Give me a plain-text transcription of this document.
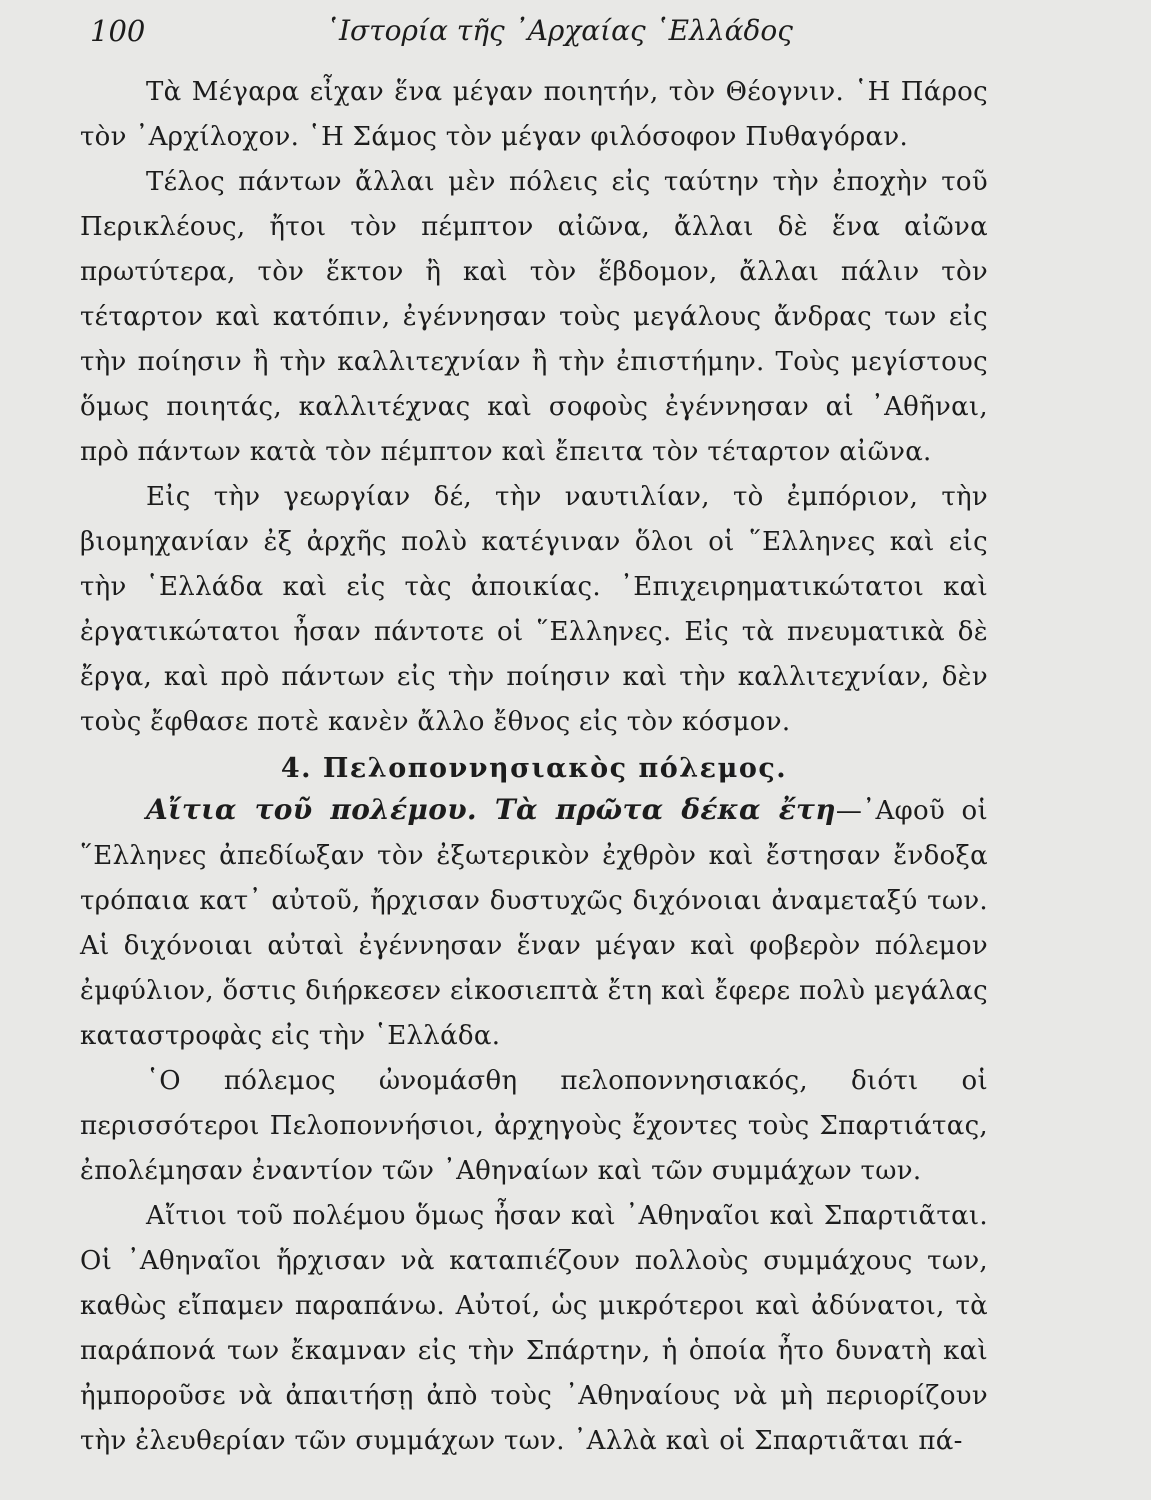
100	῾Ιστορία τῆς ᾿Αρχαίας ῾Ελλάδος

Τὰ Μέγαρα εἶχαν ἕνα μέγαν ποιητήν, τὸν Θέογνιν. ῾Η Πάρος τὸν ᾿Αρχίλοχον. ῾Η Σάμος τὸν μέγαν φιλόσοφον Πυθαγόραν.

Τέλος πάντων ἄλλαι μὲν πόλεις εἰς ταύτην τὴν ἐποχὴν τοῦ Περικλέους, ἤτοι τὸν πέμπτον αἰῶνα, ἄλλαι δὲ ἕνα αἰῶνα πρωτύτερα, τὸν ἕκτον ἢ καὶ τὸν ἕβδομον, ἄλλαι πάλιν τὸν τέταρτον καὶ κατόπιν, ἐγέννησαν τοὺς μεγάλους ἄνδρας των εἰς τὴν ποίησιν ἢ τὴν καλλιτεχνίαν ἢ τὴν ἐπιστήμην. Τοὺς μεγίστους ὅμως ποιητάς, καλλιτέχνας καὶ σοφοὺς ἐγέννησαν αἱ ᾿Αθῆναι, πρὸ πάντων κατὰ τὸν πέμπτον καὶ ἔπειτα τὸν τέταρτον αἰῶνα.

Εἰς τὴν γεωργίαν δέ, τὴν ναυτιλίαν, τὸ ἐμπόριον, τὴν βιομηχανίαν ἐξ ἀρχῆς πολὺ κατέγιναν ὅλοι οἱ ῞Ελληνες καὶ εἰς τὴν ῾Ελλάδα καὶ εἰς τὰς ἀποικίας. ᾿Επιχειρηματικώτατοι καὶ ἐργατικώτατοι ἦσαν πάντοτε οἱ ῞Ελληνες. Εἰς τὰ πνευματικὰ δὲ ἔργα, καὶ πρὸ πάντων εἰς τὴν ποίησιν καὶ τὴν καλλιτεχνίαν, δὲν τοὺς ἔφθασε ποτὲ κανὲν ἄλλο ἔθνος εἰς τὸν κόσμον.

4. Πελοποννησιακὸς πόλεμος.

Αἴτια τοῦ πολέμου. Τὰ πρῶτα δέκα ἔτη—᾿Αφοῦ οἱ ῞Ελληνες ἀπεδίωξαν τὸν ἐξωτερικὸν ἐχθρὸν καὶ ἔστησαν ἔνδοξα τρόπαια κατ᾿ αὐτοῦ, ἤρχισαν δυστυχῶς διχόνοιαι ἀναμεταξύ των. Αἱ διχόνοιαι αὐταὶ ἐγέννησαν ἕναν μέγαν καὶ φοβερὸν πόλεμον ἐμφύλιον, ὅστις διήρκεσεν εἰκοσιεπτὰ ἔτη καὶ ἔφερε πολὺ μεγάλας καταστροφὰς εἰς τὴν ῾Ελλάδα.

῾Ο πόλεμος ὠνομάσθη πελοποννησιακός, διότι οἱ περισσότεροι Πελοποννήσιοι, ἀρχηγοὺς ἔχοντες τοὺς Σπαρτιάτας, ἐπολέμησαν ἐναντίον τῶν ᾿Αθηναίων καὶ τῶν συμμάχων των.

Αἴτιοι τοῦ πολέμου ὅμως ἦσαν καὶ ᾿Αθηναῖοι καὶ Σπαρτιᾶται. Οἱ ᾿Αθηναῖοι ἤρχισαν νὰ καταπιέζουν πολλοὺς συμμάχους των, καθὼς εἴπαμεν παραπάνω. Αὐτοί, ὡς μικρότεροι καὶ ἀδύνατοι, τὰ παράπονά των ἔκαμναν εἰς τὴν Σπάρτην, ἡ ὁποία ἦτο δυνατὴ καὶ ἠμποροῦσε νὰ ἀπαιτήσῃ ἀπὸ τοὺς ᾿Αθηναίους νὰ μὴ περιορίζουν τὴν ἐλευθερίαν τῶν συμμάχων των. ᾿Αλλὰ καὶ οἱ Σπαρτιᾶται πά-
